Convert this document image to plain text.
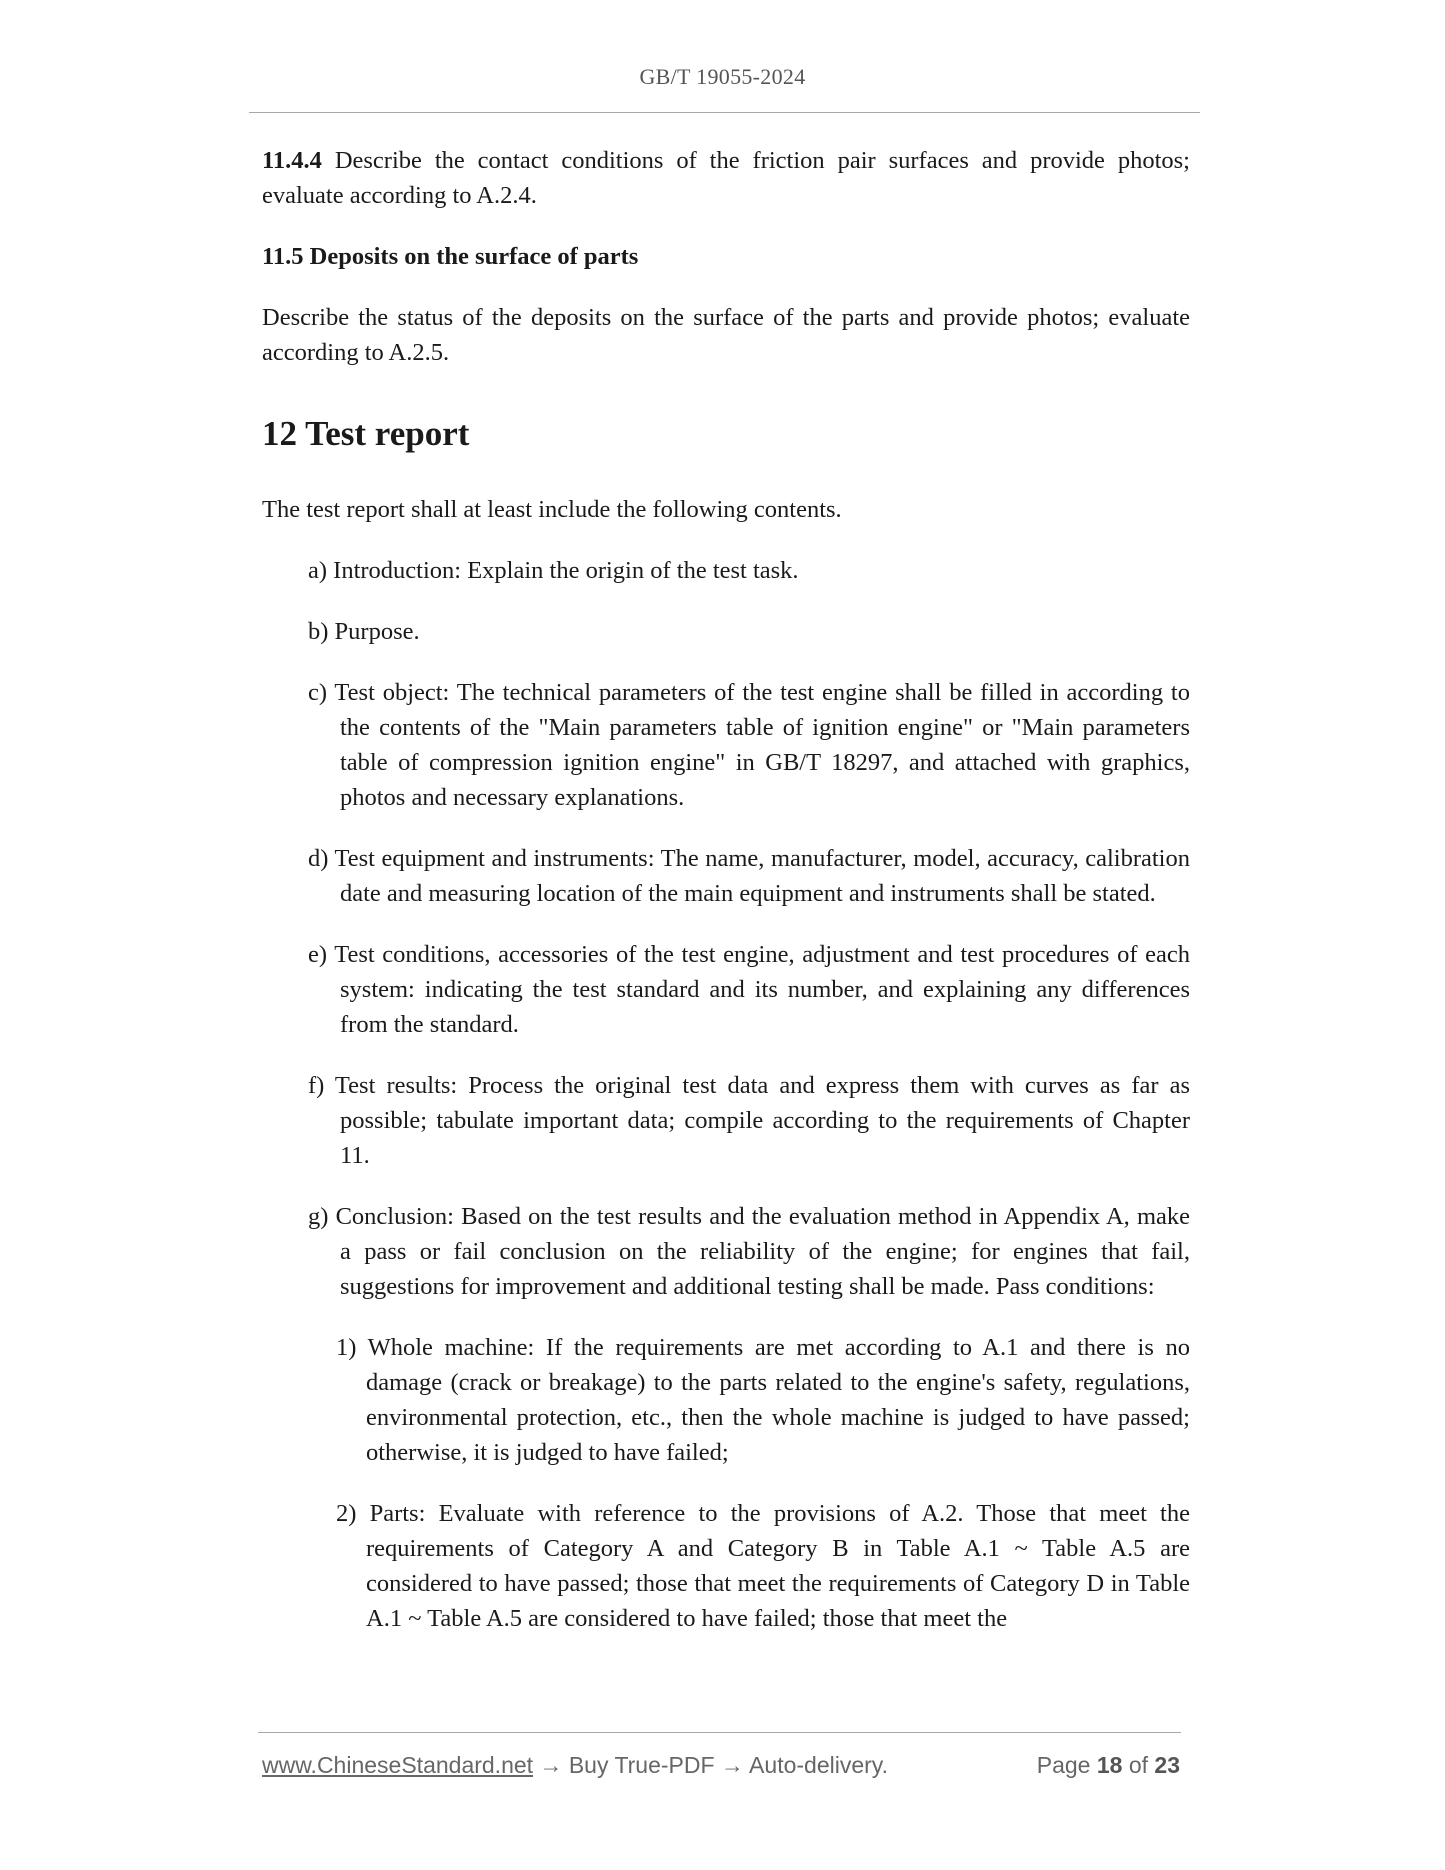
GB/T 19055-2024

11.4.4 Describe the contact conditions of the friction pair surfaces and provide photos; evaluate according to A.2.4.

11.5 Deposits on the surface of parts

Describe the status of the deposits on the surface of the parts and provide photos; evaluate according to A.2.5.

12 Test report

The test report shall at least include the following contents.

a) Introduction: Explain the origin of the test task.

b) Purpose.

c) Test object: The technical parameters of the test engine shall be filled in according to the contents of the "Main parameters table of ignition engine" or "Main parameters table of compression ignition engine" in GB/T 18297, and attached with graphics, photos and necessary explanations.

d) Test equipment and instruments: The name, manufacturer, model, accuracy, calibration date and measuring location of the main equipment and instruments shall be stated.

e) Test conditions, accessories of the test engine, adjustment and test procedures of each system: indicating the test standard and its number, and explaining any differences from the standard.

f) Test results: Process the original test data and express them with curves as far as possible; tabulate important data; compile according to the requirements of Chapter 11.

g) Conclusion: Based on the test results and the evaluation method in Appendix A, make a pass or fail conclusion on the reliability of the engine; for engines that fail, suggestions for improvement and additional testing shall be made. Pass conditions:

1) Whole machine: If the requirements are met according to A.1 and there is no damage (crack or breakage) to the parts related to the engine's safety, regulations, environmental protection, etc., then the whole machine is judged to have passed; otherwise, it is judged to have failed;

2) Parts: Evaluate with reference to the provisions of A.2. Those that meet the requirements of Category A and Category B in Table A.1 ~ Table A.5 are considered to have passed; those that meet the requirements of Category D in Table A.1 ~ Table A.5 are considered to have failed; those that meet the

www.ChineseStandard.net → Buy True-PDF → Auto-delivery.	Page 18 of 23
